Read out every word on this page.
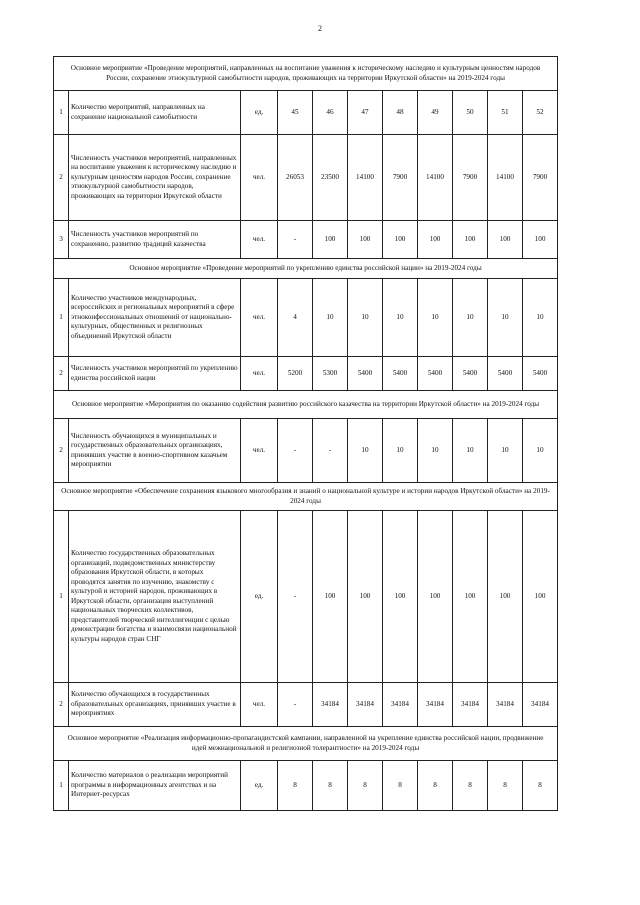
2
Основное мероприятие «Проведение мероприятий, направленных на воспитание уважения к историческому наследию и культурным ценностям народов России, сохранение этнокультурной самобытности народов, проживающих на территории Иркутской области» на 2019-2024 годы										
1	Количество мероприятий, направленных на сохранение национальной самобытности	ед.	45	46	47	48	49	50	51	52
2	Численность участников мероприятий, направленных на воспитание уважения к историческому наследию и культурным ценностям народов России, сохранение этнокультурной самобытности народов, проживающих на территории Иркутской области	чел.	26053	23500	14100	7900	14100	7900	14100	7900
3	Численность участников мероприятий по сохранению, развитию традиций казачества	чел.	-	100	100	100	100	100	100	100
Основное мероприятие «Проведение мероприятий по укреплению единства российской нации» на 2019-2024 годы										
1	Количество участников международных, всероссийских и региональных мероприятий в сфере этноконфессиональных отношений от национально-культурных, общественных и религиозных объединений Иркутской области	чел.	4	10	10	10	10	10	10	10
2	Численность участников мероприятий по укреплению единства российской нации	чел.	5200	5300	5400	5400	5400	5400	5400	5400
Основное мероприятие «Мероприятия по оказанию содействия развитию российского казачества на территории Иркутской области» на 2019-2024 годы										
2	Численность обучающихся в муниципальных и государственных образовательных организациях, принявших участие в военно-спортивном казачьем мероприятии	чел.	-	-	10	10	10	10	10	10
Основное мероприятие «Обеспечение сохранения языкового многообразия и знаний о национальной культуре и истории народов Иркутской области» на 2019-2024 годы										
1	Количество государственных образовательных организаций, подведомственных министерству образования Иркутской области, в которых проводятся занятия по изучению, знакомству с культурой и историей народов, проживающих в Иркутской области, организация выступлений национальных творческих коллективов, представителей творческой интеллигенции с целью демонстрации богатства и взаимосвязи национальной культуры народов стран СНГ	ед.	-	100	100	100	100	100	100	100
2	Количество обучающихся в государственных образовательных организациях, принявших участие в мероприятиях	чел.	-	34184	34184	34184	34184	34184	34184	34184
Основное мероприятие «Реализация информационно-пропагандистской кампании, направленной на укрепление единства российской нации, продвижение идей межнациональной и религиозной толерантности» на 2019-2024 годы										
1	Количество материалов о реализации мероприятий программы в информационных агентствах и на Интернет-ресурсах	ед.	8	8	8	8	8	8	8	8
